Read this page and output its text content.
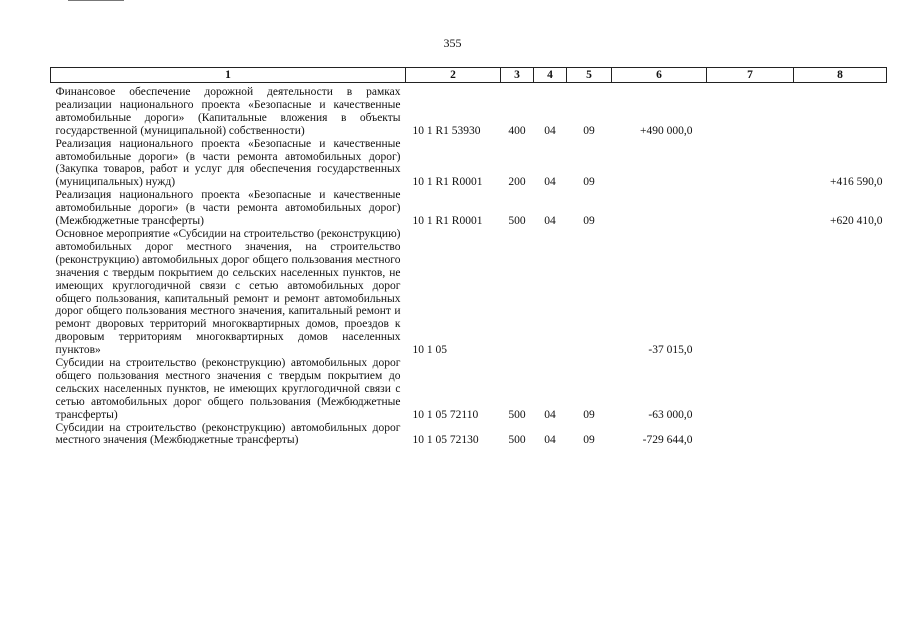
355
1	2	3	4	5	6	7	8

Финансовое обеспечение дорожной деятельности в рамках реализации национального проекта «Безопасные и качественные автомобильные дороги» (Капитальные вложения в объекты государственной (муниципальной) собственности)	10 1 R1 53930	400	04	09	+490 000,0		
Реализация национального проекта «Безопасные и качественные автомобильные дороги» (в части ремонта автомобильных дорог) (Закупка товаров, работ и услуг для обеспечения государственных (муниципальных) нужд)	10 1 R1 R0001	200	04	09			+416 590,0
Реализация национального проекта «Безопасные и качественные автомобильные дороги» (в части ремонта автомобильных дорог) (Межбюджетные трансферты)	10 1 R1 R0001	500	04	09			+620 410,0
Основное мероприятие «Субсидии на строительство (реконструкцию) автомобильных дорог местного значения, на строительство (реконструкцию) автомобильных дорог общего пользования местного значения с твердым покрытием до сельских населенных пунктов, не имеющих круглогодичной связи с сетью автомобильных дорог общего пользования, капитальный ремонт и ремонт автомобильных дорог общего пользования местного значения, капитальный ремонт и ремонт дворовых территорий многоквартирных домов, проездов к дворовым территориям многоквартирных домов населенных пунктов»	10 1 05				-37 015,0		
Субсидии на строительство (реконструкцию) автомобильных дорог общего пользования местного значения с твердым покрытием до сельских населенных пунктов, не имеющих круглогодичной связи с сетью автомобильных дорог общего пользования (Межбюджетные трансферты)	10 1 05 72110	500	04	09	-63 000,0		
Субсидии на строительство (реконструкцию) автомобильных дорог местного значения (Межбюджетные трансферты)	10 1 05 72130	500	04	09	-729 644,0		
